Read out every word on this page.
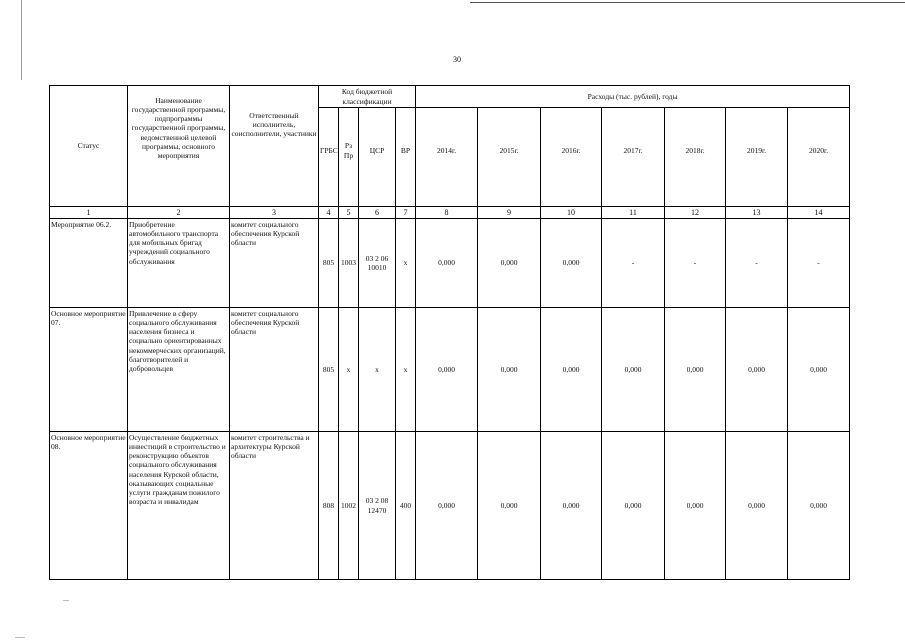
30
Статус	Наименование государственной программы, подпрограммы государственной программы, ведомственной целевой программы, основного мероприятия	Ответственный исполнитель, соисполнители, участники	Код бюджетной классификации				Расходы (тыс. рублей), годы						
			ГРБС	Рз Пр	ЦСР	ВР	2014г.	2015г.	2016г.	2017г.	2018г.	2019г.	2020г.
1	2	3	4	5	6	7	8	9	10	11	12	13	14
Мероприятие 06.2.	Приобретение автомобильного транспорта для мобильных бригад учреждений социального обслуживания	комитет социального обеспечения Курской области	805	1003	03 2 06 10010	х	0,000	0,000	0,000	-	-	-	-
Основное мероприятие 07.	Привлечение в сферу социального обслуживания населения бизнеса и социально ориентированных некоммерческих организаций, благотворителей и добровольцев	комитет социального обеспечения Курской области	805	х	х	х	0,000	0,000	0,000	0,000	0,000	0,000	0,000
Основное мероприятие 08.	Осуществление бюджетных инвестиций в строительство и реконструкцию объектов социального обслуживания населения Курской области, оказывающих социальные услуги гражданам пожилого возраста и инвалидам	комитет строительства и архитектуры Курской области	808	1002	03 2 08 12470	400	0,000	0,000	0,000	0,000	0,000	0,000	0,000
